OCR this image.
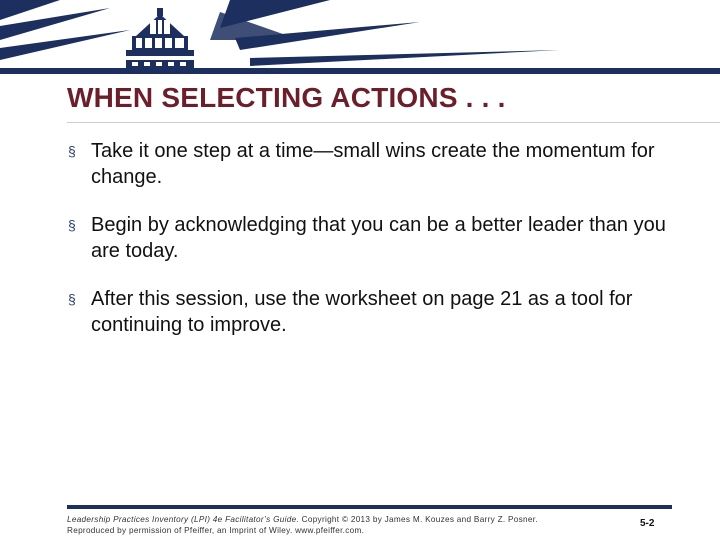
WHEN SELECTING ACTIONS . . .
§ Take it one step at a time—small wins create the momentum for change.
§ Begin by acknowledging that you can be a better leader than you are today.
§ After this session, use the worksheet on page 21 as a tool for continuing to improve.
Leadership Practices Inventory (LPI) 4e Facilitator’s Guide. Copyright © 2013 by James M. Kouzes and Barry Z. Posner.
Reproduced by permission of Pfeiffer, an Imprint of Wiley. www.pfeiffer.com.
5-2
